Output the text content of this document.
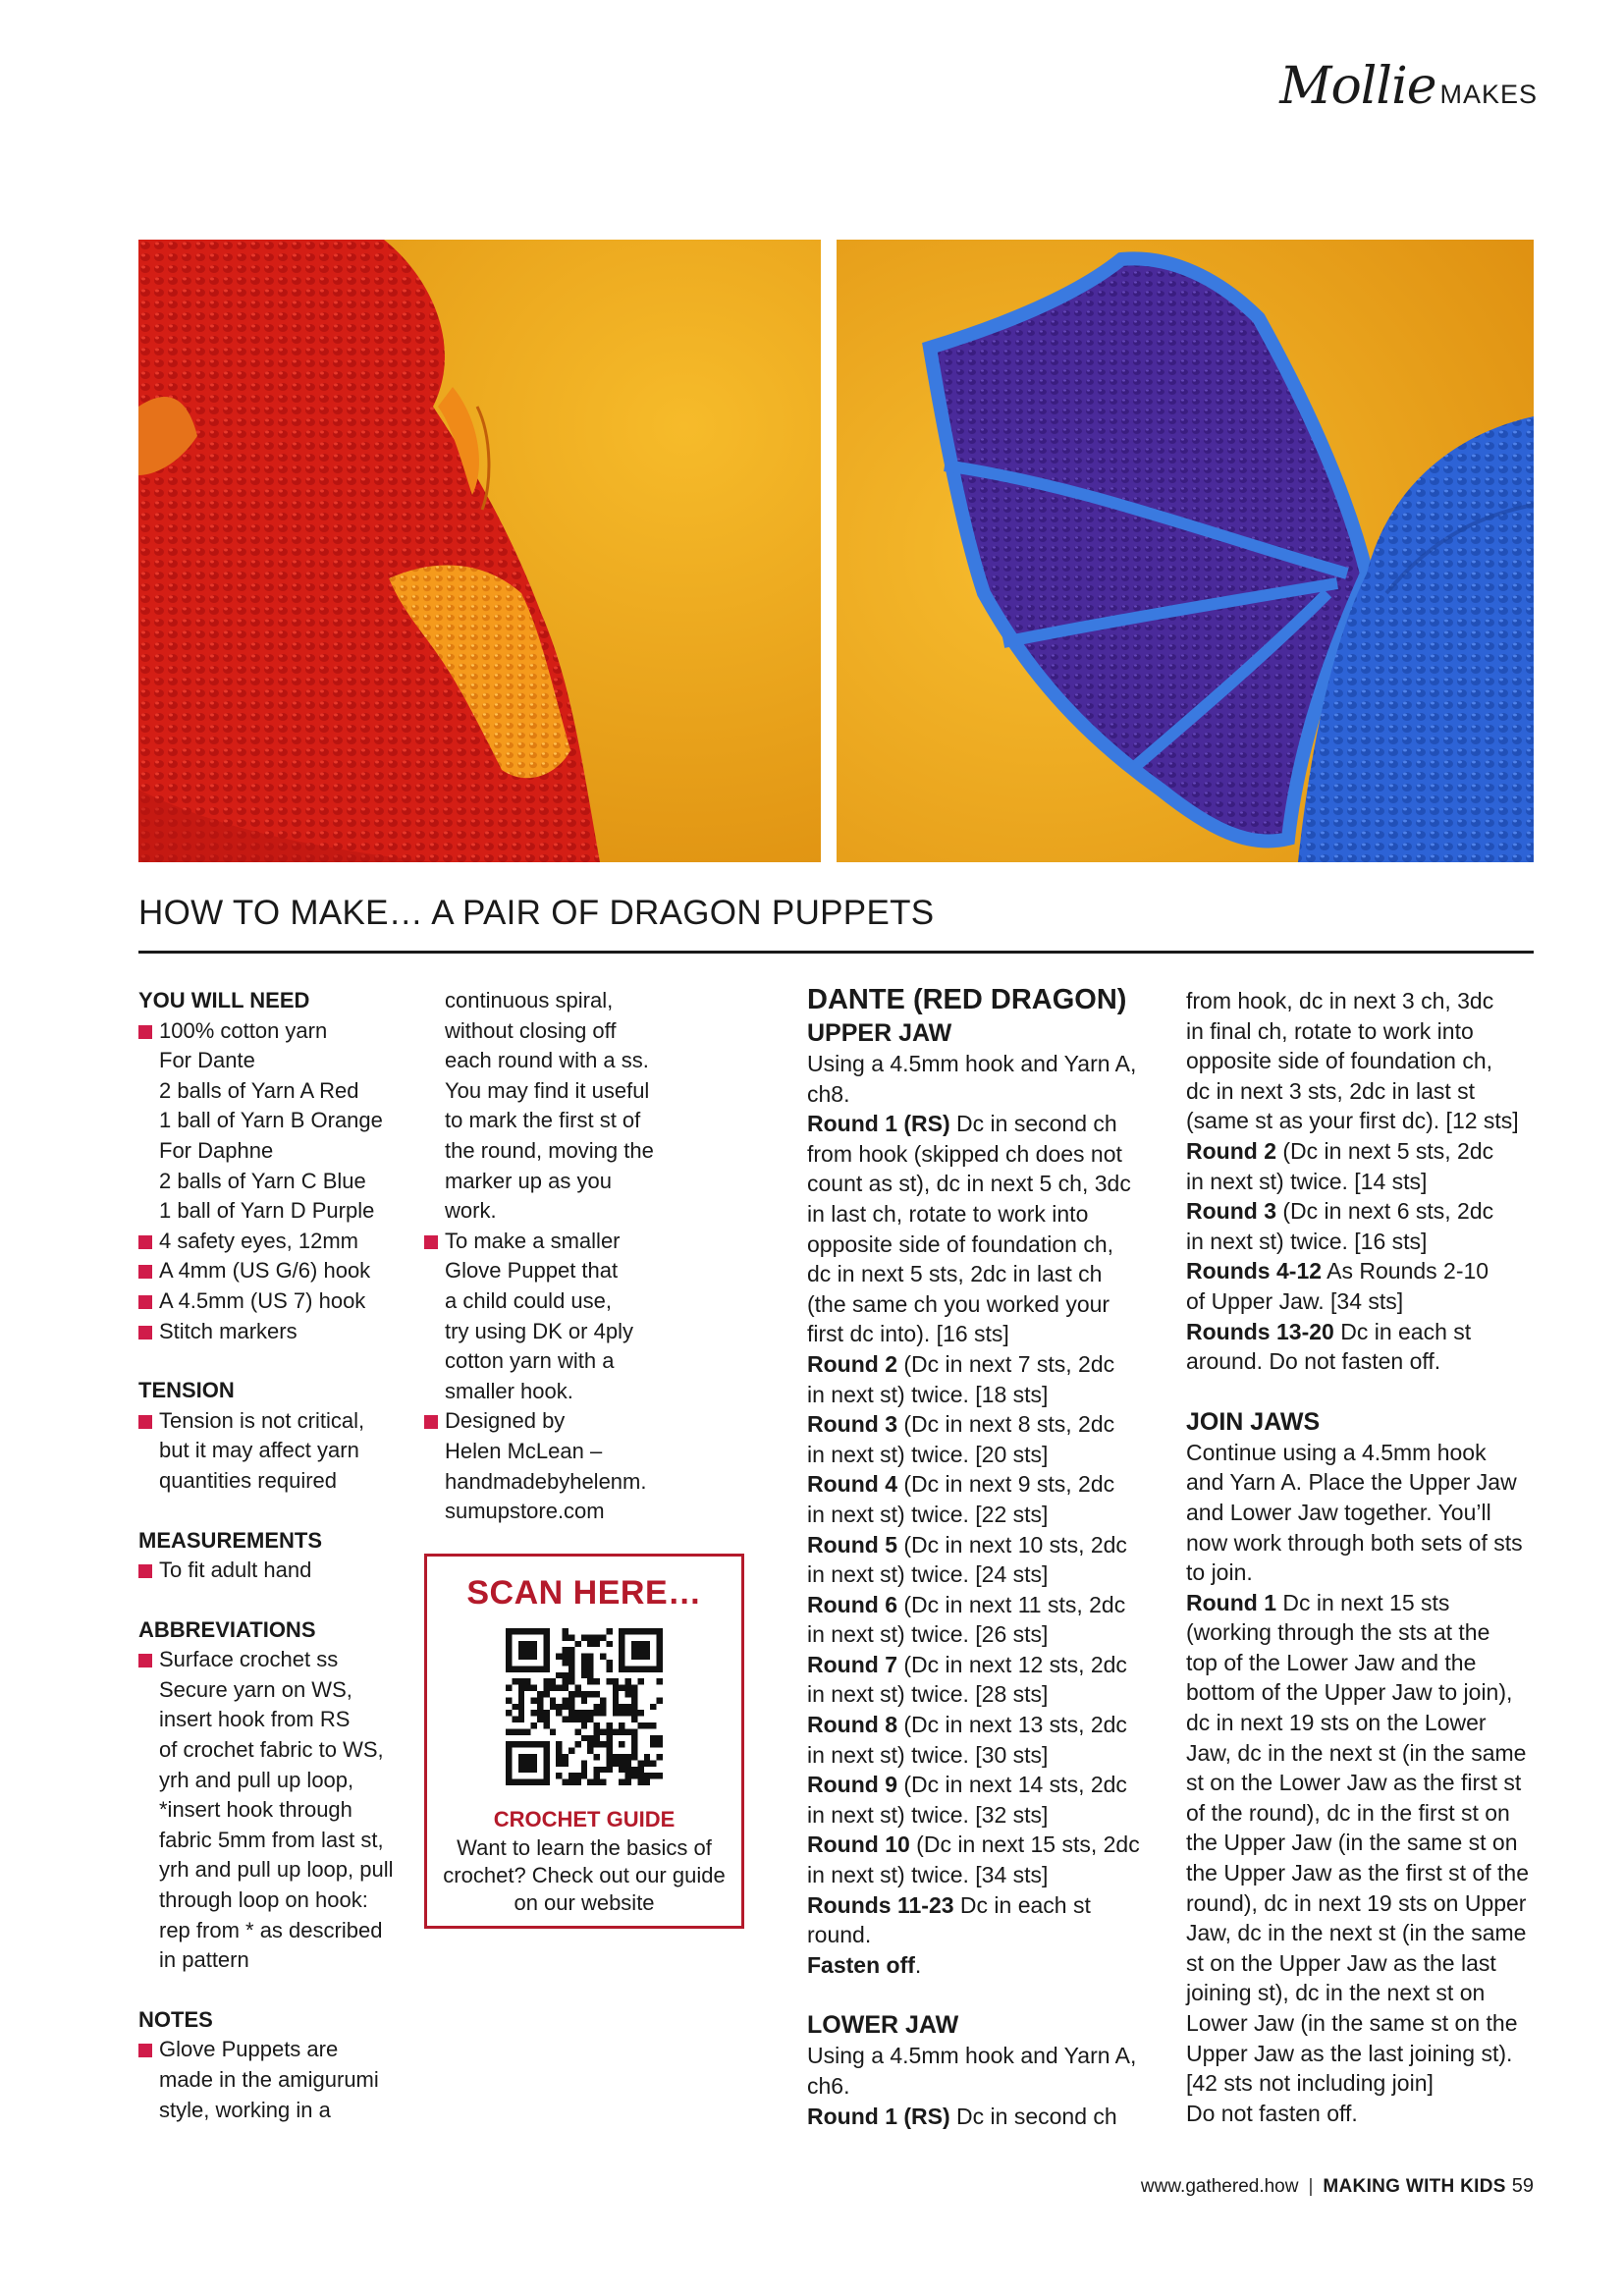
Mollie MAKES
HOW TO MAKE… A PAIR OF DRAGON PUPPETS

YOU WILL NEED

100% cotton yarn

For Dante

2 balls of Yarn A Red

1 ball of Yarn B Orange

For Daphne

2 balls of Yarn C Blue

1 ball of Yarn D Purple

4 safety eyes, 12mm

A 4mm (US G/6) hook

A 4.5mm (US 7) hook

Stitch markers

TENSION

Tension is not critical,

but it may affect yarn

quantities required

MEASUREMENTS

To fit adult hand

ABBREVIATIONS

Surface crochet ss

Secure yarn on WS,

insert hook from RS

of crochet fabric to WS,

yrh and pull up loop,

*insert hook through

fabric 5mm from last st,

yrh and pull up loop, pull

through loop on hook:

rep from * as described

in pattern

NOTES

Glove Puppets are

made in the amigurumi

style, working in a

continuous spiral,

without closing off

each round with a ss.

You may find it useful

to mark the first st of

the round, moving the

marker up as you

work.

To make a smaller

Glove Puppet that

a child could use,

try using DK or 4ply

cotton yarn with a

smaller hook.

Designed by

Helen McLean –

handmadebyhelenm.

sumupstore.com

SCAN HERE…
CROCHET GUIDE
Want to learn the basics of crochet? Check out our guide on our website

DANTE (RED DRAGON)

UPPER JAW

Using a 4.5mm hook and Yarn A,

ch8.

Round 1 (RS) Dc in second ch

from hook (skipped ch does not

count as st), dc in next 5 ch, 3dc

in last ch, rotate to work into

opposite side of foundation ch,

dc in next 5 sts, 2dc in last ch

(the same ch you worked your

first dc into). [16 sts]

Round 2 (Dc in next 7 sts, 2dc

in next st) twice. [18 sts]

Round 3 (Dc in next 8 sts, 2dc

in next st) twice. [20 sts]

Round 4 (Dc in next 9 sts, 2dc

in next st) twice. [22 sts]

Round 5 (Dc in next 10 sts, 2dc

in next st) twice. [24 sts]

Round 6 (Dc in next 11 sts, 2dc

in next st) twice. [26 sts]

Round 7 (Dc in next 12 sts, 2dc

in next st) twice. [28 sts]

Round 8 (Dc in next 13 sts, 2dc

in next st) twice. [30 sts]

Round 9 (Dc in next 14 sts, 2dc

in next st) twice. [32 sts]

Round 10 (Dc in next 15 sts, 2dc

in next st) twice. [34 sts]

Rounds 11-23 Dc in each st

round.

Fasten off.

LOWER JAW

Using a 4.5mm hook and Yarn A,

ch6.

Round 1 (RS) Dc in second ch

from hook, dc in next 3 ch, 3dc

in final ch, rotate to work into

opposite side of foundation ch,

dc in next 3 sts, 2dc in last st

(same st as your first dc). [12 sts]

Round 2 (Dc in next 5 sts, 2dc

in next st) twice. [14 sts]

Round 3 (Dc in next 6 sts, 2dc

in next st) twice. [16 sts]

Rounds 4-12 As Rounds 2-10

of Upper Jaw. [34 sts]

Rounds 13-20 Dc in each st

around. Do not fasten off.

JOIN JAWS

Continue using a 4.5mm hook

and Yarn A. Place the Upper Jaw

and Lower Jaw together. You’ll

now work through both sets of sts

to join.

Round 1 Dc in next 15 sts

(working through the sts at the

top of the Lower Jaw and the

bottom of the Upper Jaw to join),

dc in next 19 sts on the Lower

Jaw, dc in the next st (in the same

st on the Lower Jaw as the first st

of the round), dc in the first st on

the Upper Jaw (in the same st on

the Upper Jaw as the first st of the

round), dc in next 19 sts on Upper

Jaw, dc in the next st (in the same

st on the Upper Jaw as the last

joining st), dc in the next st on

Lower Jaw (in the same st on the

Upper Jaw as the last joining st).

[42 sts not including join]

Do not fasten off.

www.gathered.how | MAKING WITH KIDS 59
